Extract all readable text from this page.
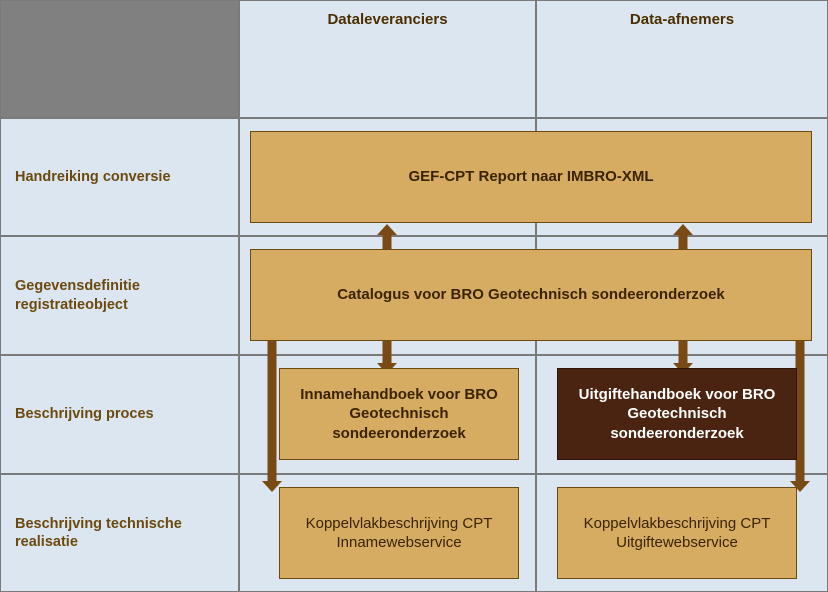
Dataleveranciers	Data-afnemers
Handreiking conversie
Gegevensdefinitie registratieobject
Beschrijving proces
Beschrijving technische realisatie
GEF-CPT Report naar IMBRO-XML
Catalogus voor BRO Geotechnisch sondeeronderzoek
Innamehandboek voor BRO Geotechnisch sondeeronderzoek
Uitgiftehandboek voor BRO Geotechnisch sondeeronderzoek
Koppelvlakbeschrijving CPT Innamewebservice
Koppelvlakbeschrijving CPT Uitgiftewebservice
